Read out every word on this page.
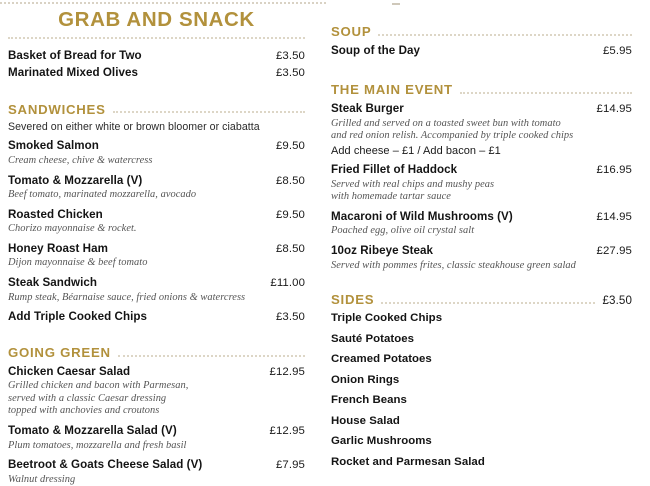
GRAB AND SNACK
Basket of Bread for Two	£3.50
Marinated Mixed Olives	£3.50
SANDWICHES
Severed on either white or brown bloomer or ciabatta
Smoked Salmon	£9.50
Cream cheese, chive & watercress
Tomato & Mozzarella (V)	£8.50
Beef tomato, marinated mozzarella, avocado
Roasted Chicken	£9.50
Chorizo mayonnaise & rocket.
Honey Roast Ham	£8.50
Dijon mayonnaise & beef tomato
Steak Sandwich	£11.00
Rump steak, Béarnaise sauce, fried onions & watercress
Add Triple Cooked Chips	£3.50
GOING GREEN
Chicken Caesar Salad	£12.95
Grilled chicken and bacon with Parmesan,
served with a classic Caesar dressing
topped with anchovies and croutons
Tomato & Mozzarella Salad (V)	£12.95
Plum tomatoes, mozzarella and fresh basil
Beetroot & Goats Cheese Salad (V)	£7.95
Walnut dressing
SOUP
Soup of the Day	£5.95
THE MAIN EVENT
Steak Burger	£14.95
Grilled and served on a toasted sweet bun with tomato
and red onion relish. Accompanied by triple cooked chips
Add cheese – £1 / Add bacon – £1
Fried Fillet of Haddock	£16.95
Served with real chips and mushy peas
with homemade tartar sauce
Macaroni of Wild Mushrooms (V)	£14.95
Poached egg, olive oil crystal salt
10oz Ribeye Steak	£27.95
Served with pommes frites, classic steakhouse green salad
SIDES	£3.50
Triple Cooked Chips
Sauté Potatoes
Creamed Potatoes
Onion Rings
French Beans
House Salad
Garlic Mushrooms
Rocket and Parmesan Salad
